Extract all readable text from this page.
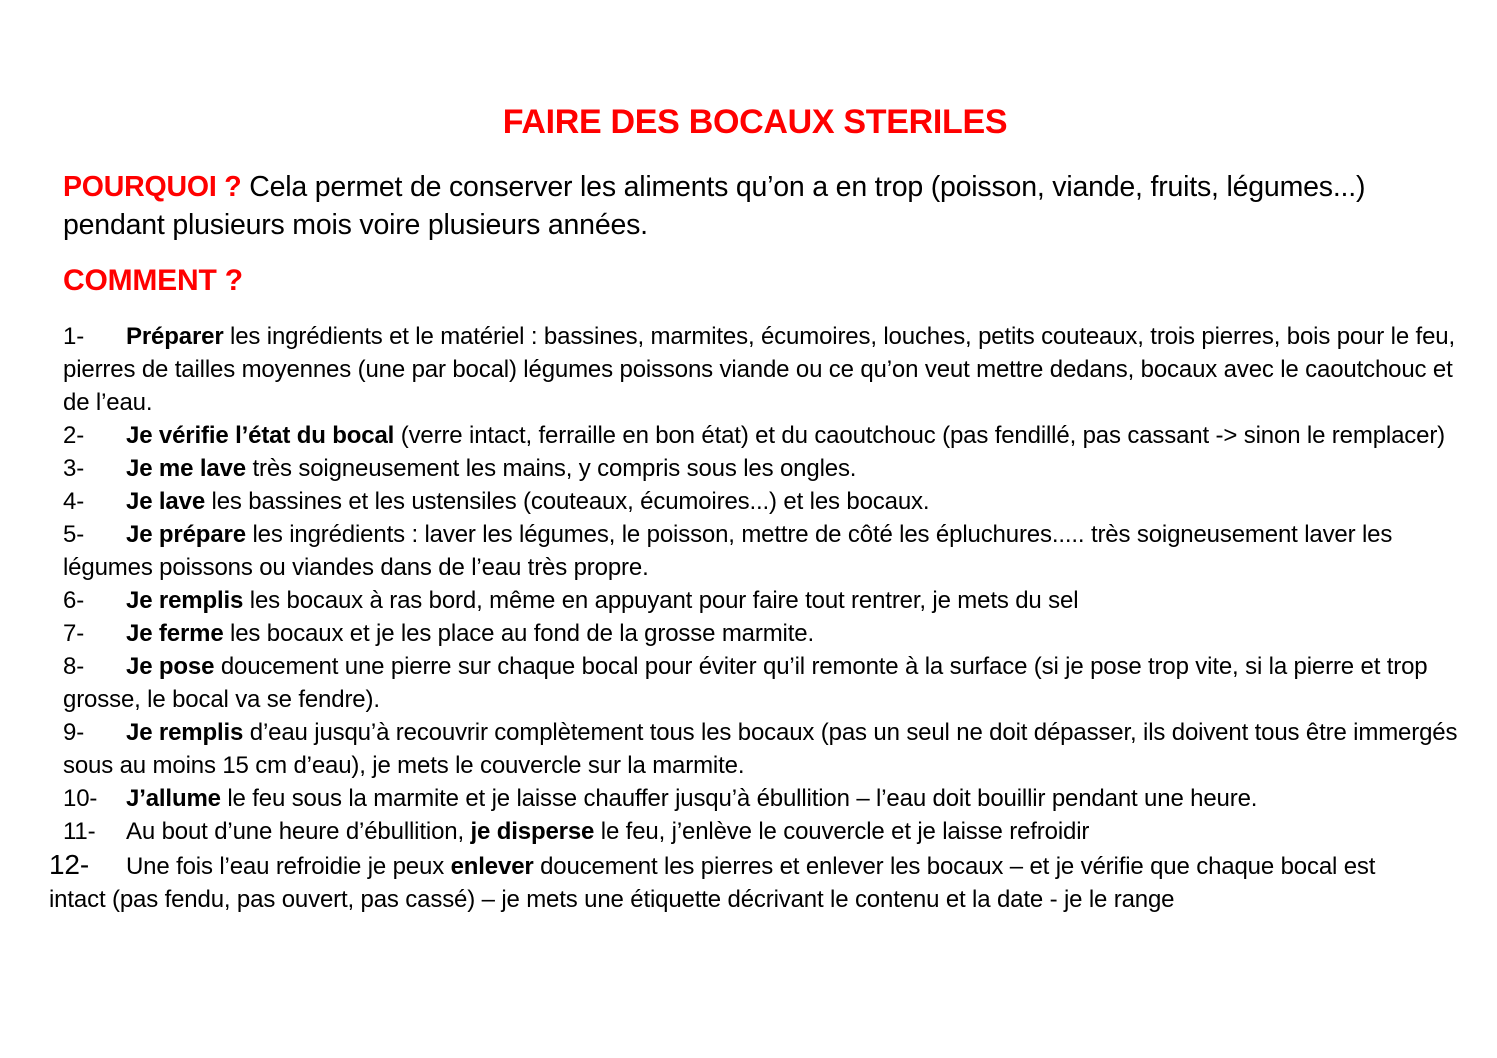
FAIRE DES BOCAUX STERILES

POURQUOI ? Cela permet de conserver les aliments qu’on a en trop (poisson, viande, fruits, légumes...) pendant plusieurs mois voire plusieurs années.

COMMENT ?
1- Préparer les ingrédients et le matériel : bassines, marmites, écumoires, louches, petits couteaux, trois pierres, bois pour le feu, pierres de tailles moyennes (une par bocal) légumes poissons viande ou ce qu’on veut mettre dedans, bocaux avec le caoutchouc et de l’eau.
2- Je vérifie l’état du bocal (verre intact, ferraille en bon état) et du caoutchouc (pas fendillé, pas cassant -> sinon le remplacer)
3- Je me lave très soigneusement les mains, y compris sous les ongles.
4- Je lave les bassines et les ustensiles (couteaux, écumoires...) et les bocaux.
5- Je prépare les ingrédients : laver les légumes, le poisson, mettre de côté les épluchures..... très soigneusement laver les légumes poissons ou viandes dans de l’eau très propre.
6- Je remplis les bocaux à ras bord, même en appuyant pour faire tout rentrer, je mets du sel
7- Je ferme les bocaux et je les place au fond de la grosse marmite.
8- Je pose doucement une pierre sur chaque bocal pour éviter qu’il remonte à la surface (si je pose trop vite, si la pierre et trop grosse, le bocal va se fendre).
9- Je remplis d’eau jusqu’à recouvrir complètement tous les bocaux (pas un seul ne doit dépasser, ils doivent tous être immergés sous au moins 15 cm d’eau), je mets le couvercle sur la marmite.
10- J’allume le feu sous la marmite et je laisse chauffer jusqu’à ébullition – l’eau doit bouillir pendant une heure.
11- Au bout d’une heure d’ébullition, je disperse le feu, j’enlève le couvercle et je laisse refroidir
12- Une fois l’eau refroidie je peux enlever doucement les pierres et enlever les bocaux – et je vérifie que chaque bocal est intact (pas fendu, pas ouvert, pas cassé) – je mets une étiquette décrivant le contenu et la date - je le range
